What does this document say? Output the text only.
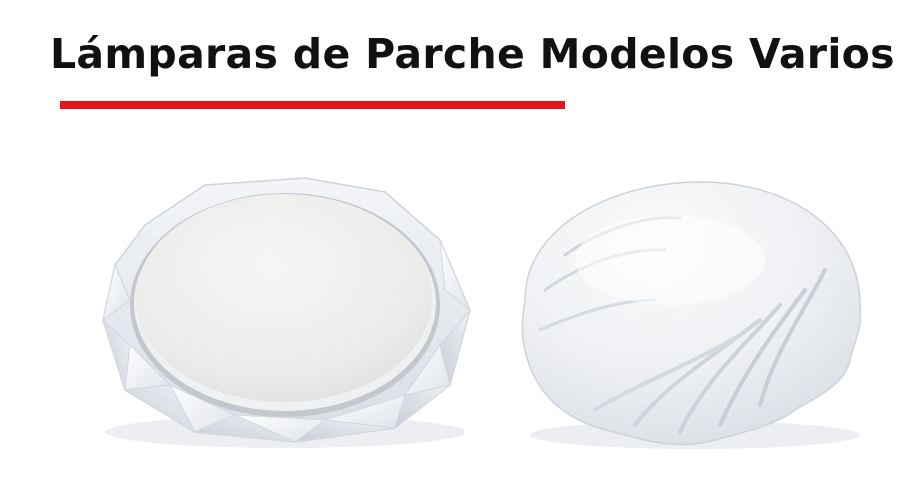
Lámparas de Parche Modelos Varios
